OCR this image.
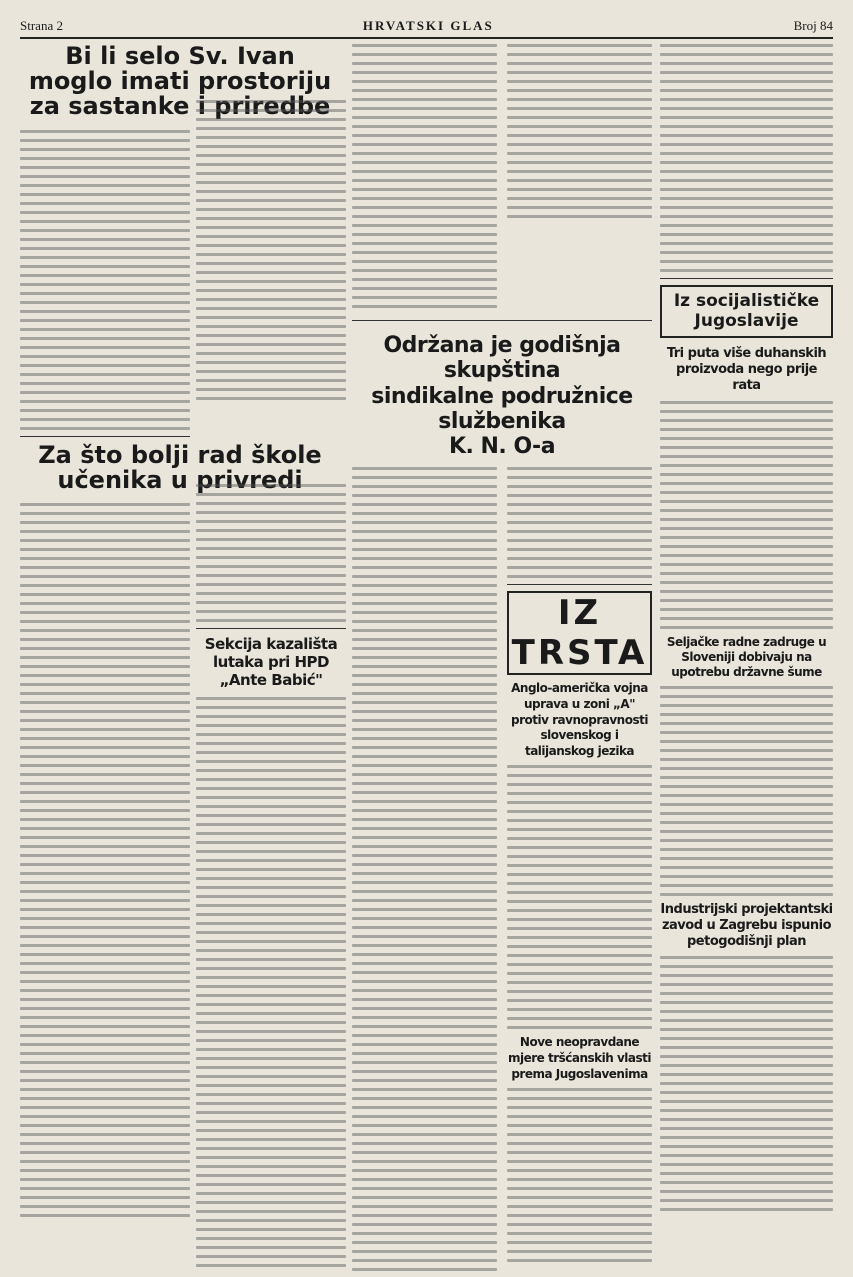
Strana 2	HRVATSKI GLAS	Broj 84
Bi li selo Sv. Ivan moglo imati prostoriju za sastanke i priredbe
Za što bolji rad škole učenika u privredi
Sekcija kazališta lutaka pri HPD „Ante Babić"
Održana je godišnja skupština
sindikalne podružnice službenika
K. N. O-a
IZ TRSTA
Anglo-američka vojna uprava u zoni „A" protiv ravnopravnosti slovenskog i talijanskog jezika
Nove neopravdane mjere tršćanskih vlasti prema Jugoslavenima
Iz socijalističke Jugoslavije
Tri puta više duhanskih proizvoda nego prije rata
Seljačke radne zadruge u Sloveniji dobivaju na upotrebu državne šume
Industrijski projektantski zavod u Zagrebu ispunio petogodišnji plan
